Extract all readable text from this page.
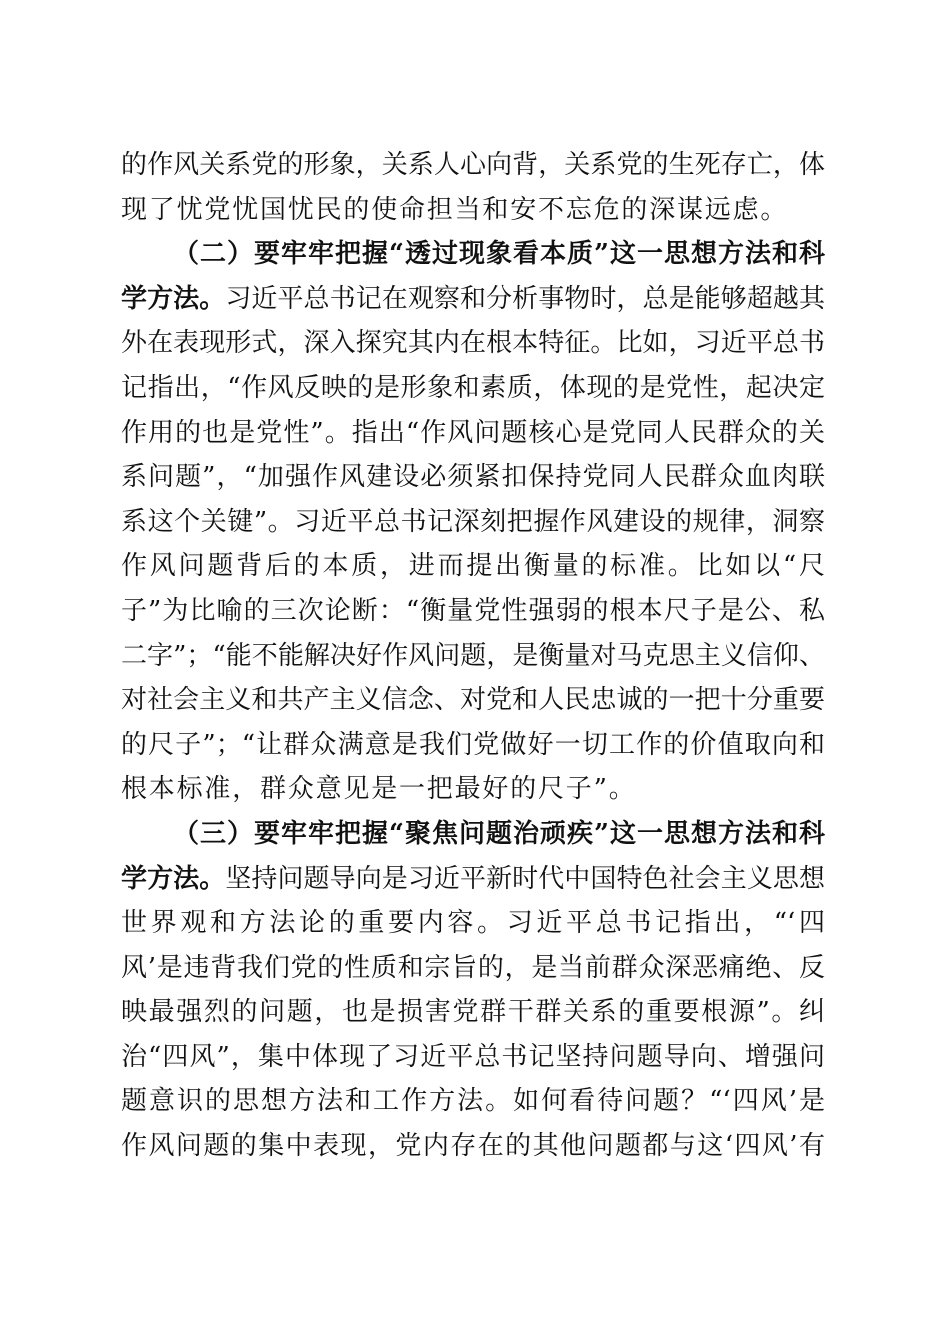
的作风关系党的形象，关系人心向背，关系党的生死存亡，体
现了忧党忧国忧民的使命担当和安不忘危的深谋远虑。
（二）要牢牢把握“透过现象看本质”这一思想方法和科
学方法。习近平总书记在观察和分析事物时，总是能够超越其
外在表现形式，深入探究其内在根本特征。比如，习近平总书
记指出，“作风反映的是形象和素质，体现的是党性，起决定
作用的也是党性”。指出“作风问题核心是党同人民群众的关
系问题”，“加强作风建设必须紧扣保持党同人民群众血肉联
系这个关键”。习近平总书记深刻把握作风建设的规律，洞察
作风问题背后的本质，进而提出衡量的标准。比如以“尺
子”为比喻的三次论断：“衡量党性强弱的根本尺子是公、私
二字”；“能不能解决好作风问题，是衡量对马克思主义信仰、
对社会主义和共产主义信念、对党和人民忠诚的一把十分重要
的尺子”；“让群众满意是我们党做好一切工作的价值取向和
根本标准，群众意见是一把最好的尺子”。
（三）要牢牢把握“聚焦问题治顽疾”这一思想方法和科
学方法。坚持问题导向是习近平新时代中国特色社会主义思想
世界观和方法论的重要内容。习近平总书记指出，“‘四
风’是违背我们党的性质和宗旨的，是当前群众深恶痛绝、反
映最强烈的问题，也是损害党群干群关系的重要根源”。纠
治“四风”，集中体现了习近平总书记坚持问题导向、增强问
题意识的思想方法和工作方法。如何看待问题？“‘四风’是
作风问题的集中表现，党内存在的其他问题都与这‘四风’有
